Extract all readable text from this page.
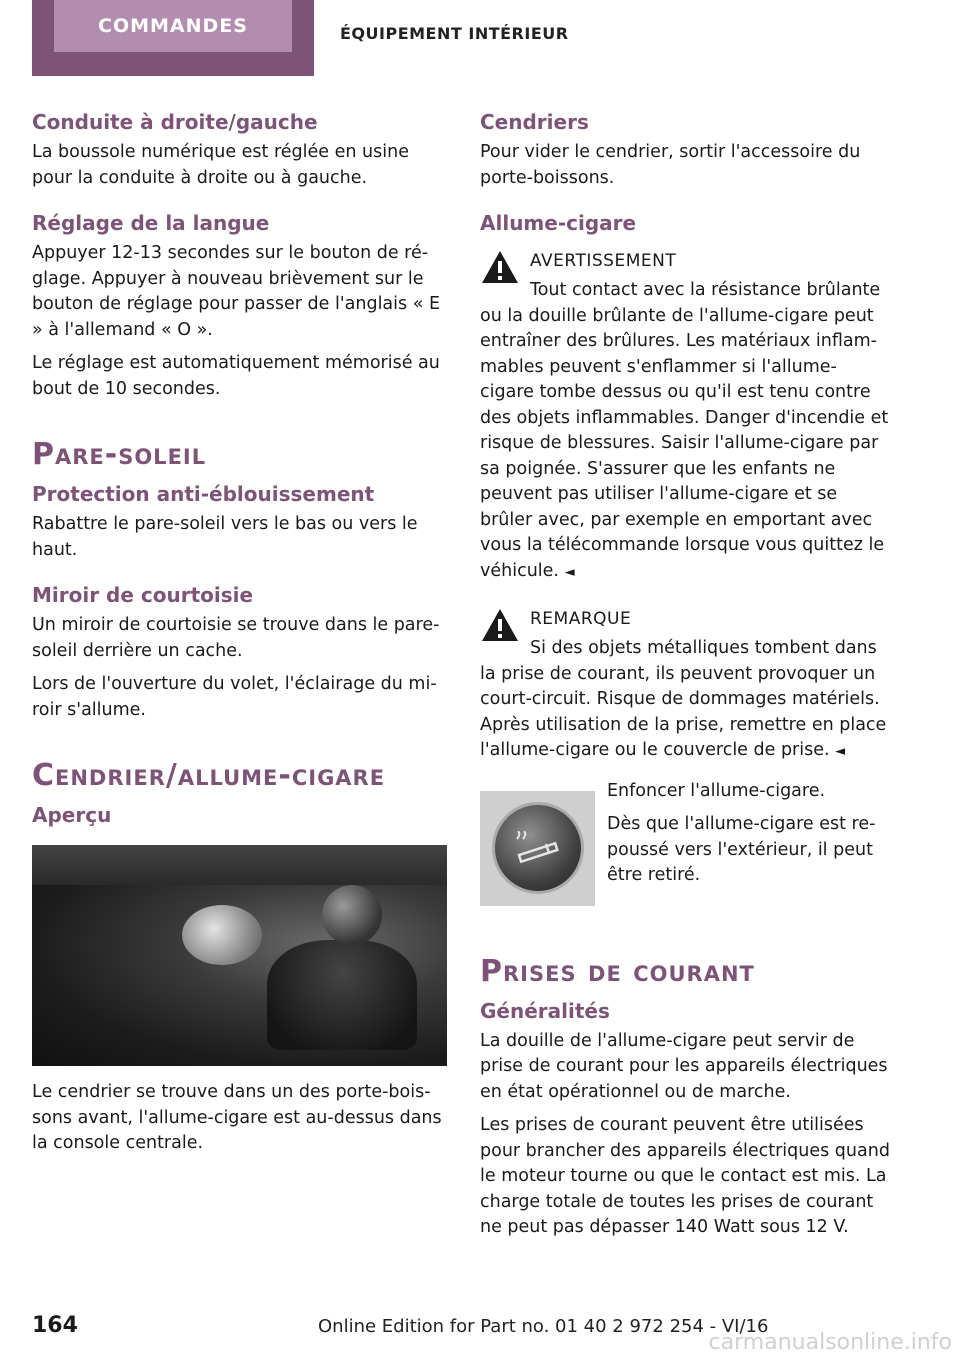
COMMANDES	ÉQUIPEMENT INTÉRIEUR
Conduite à droite/gauche
La boussole numérique est réglée en usine pour la conduite à droite ou à gauche.
Réglage de la langue
Appuyer 12-13 secondes sur le bouton de réglage. Appuyer à nouveau brièvement sur le bouton de réglage pour passer de l'anglais « E » à l'allemand « O ».
Le réglage est automatiquement mémorisé au bout de 10 secondes.
Pare-soleil
Protection anti-éblouissement
Rabattre le pare-soleil vers le bas ou vers le haut.
Miroir de courtoisie
Un miroir de courtoisie se trouve dans le pare-soleil derrière un cache.
Lors de l'ouverture du volet, l'éclairage du miroir s'allume.
Cendrier/allume-cigare
Aperçu
Le cendrier se trouve dans un des porte-boissons avant, l'allume-cigare est au-dessus dans la console centrale.
Cendriers
Pour vider le cendrier, sortir l'accessoire du porte-boissons.
Allume-cigare
AVERTISSEMENT
Tout contact avec la résistance brûlante ou la douille brûlante de l'allume-cigare peut entraîner des brûlures. Les matériaux inflammables peuvent s'enflammer si l'allume-cigare tombe dessus ou qu'il est tenu contre des objets inflammables. Danger d'incendie et risque de blessures. Saisir l'allume-cigare par sa poignée. S'assurer que les enfants ne peuvent pas utiliser l'allume-cigare et se brûler avec, par exemple en emportant avec vous la télécommande lorsque vous quittez le véhicule. ◄
REMARQUE
Si des objets métalliques tombent dans la prise de courant, ils peuvent provoquer un court-circuit. Risque de dommages matériels. Après utilisation de la prise, remettre en place l'allume-cigare ou le couvercle de prise. ◄
Enfoncer l'allume-cigare.
Dès que l'allume-cigare est repoussé vers l'extérieur, il peut être retiré.
Prises de courant
Généralités
La douille de l'allume-cigare peut servir de prise de courant pour les appareils électriques en état opérationnel ou de marche.
Les prises de courant peuvent être utilisées pour brancher des appareils électriques quand le moteur tourne ou que le contact est mis. La charge totale de toutes les prises de courant ne peut pas dépasser 140 Watt sous 12 V.
164	Online Edition for Part no. 01 40 2 972 254 - VI/16
carmanualsonline.info
